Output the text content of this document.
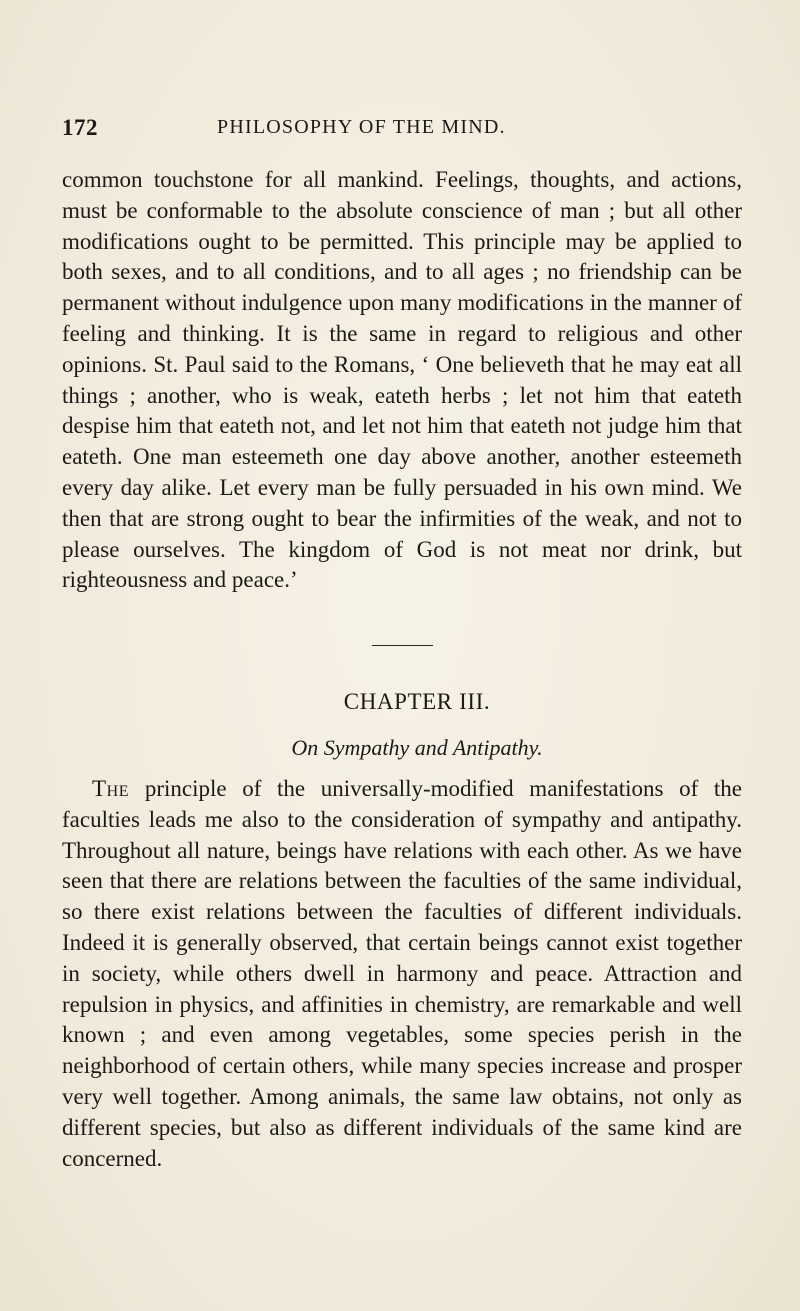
172	PHILOSOPHY OF THE MIND.

common touchstone for all mankind. Feelings, thoughts, and actions, must be conformable to the absolute conscience of man ; but all other modifications ought to be permitted. This principle may be applied to both sexes, and to all conditions, and to all ages ; no friendship can be permanent without indulgence upon many modifications in the manner of feeling and thinking. It is the same in regard to religious and other opinions. St. Paul said to the Romans, ‘ One believeth that he may eat all things ; another, who is weak, eateth herbs ; let not him that eateth despise him that eateth not, and let not him that eateth not judge him that eateth. One man esteemeth one day above another, another esteemeth every day alike. Let every man be fully persuaded in his own mind. We then that are strong ought to bear the infirmities of the weak, and not to please ourselves. The kingdom of God is not meat nor drink, but righteousness and peace.’

CHAPTER III.
On Sympathy and Antipathy.

The principle of the universally-modified manifestations of the faculties leads me also to the consideration of sympathy and antipathy. Throughout all nature, beings have relations with each other. As we have seen that there are relations between the faculties of the same individual, so there exist relations between the faculties of different individuals. Indeed it is generally observed, that certain beings cannot exist together in society, while others dwell in harmony and peace. Attraction and repulsion in physics, and affinities in chemistry, are remarkable and well known ; and even among vegetables, some species perish in the neighborhood of certain others, while many species increase and prosper very well together. Among animals, the same law obtains, not only as different species, but also as different individuals of the same kind are concerned.
